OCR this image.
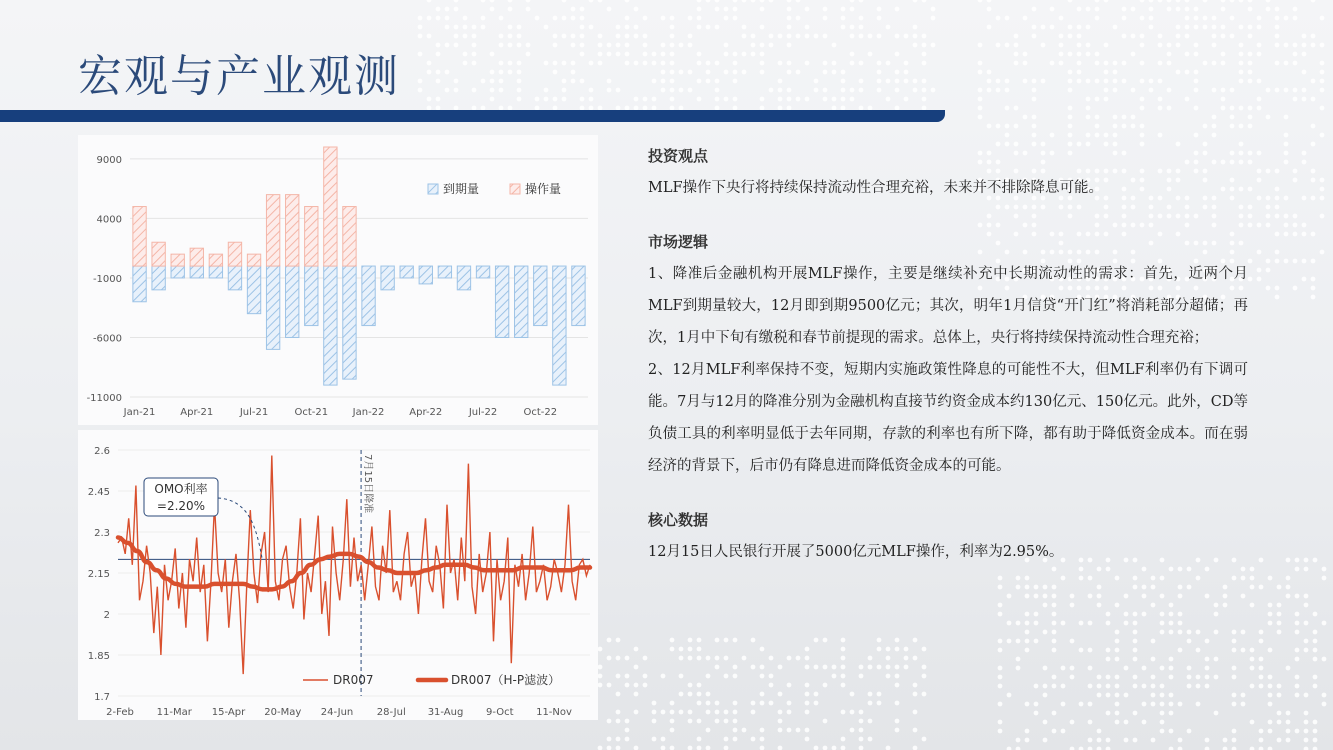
宏观与产业观测
9000
4000
-1000
-6000
-11000
Jan-21 Apr-21	Jul-21	Oct-21 Jan-22 Apr-22	Jul-22	Oct-22
到期量	操作量
2.6
2.45
2.3
2.15
2
1.85
1.7
7月15日降准
OMO利率
=2.20%
2-Feb 11-Mar 15-Apr 20-May 24-Jun 28-Jul 31-Aug 9-Oct 11-Nov
DR007	DR007（H-P滤波）
投资观点
MLF操作下央行将持续保持流动性合理充裕，未来并不排除降息可能。
市场逻辑
1、降准后金融机构开展MLF操作，主要是继续补充中长期流动性的需求：首先，近两个月MLF到期量较大，12月即到期9500亿元；其次，明年1月信贷“开门红”将消耗部分超储；再次，1月中下旬有缴税和春节前提现的需求。总体上，央行将持续保持流动性合理充裕；
2、12月MLF利率保持不变，短期内实施政策性降息的可能性不大，但MLF利率仍有下调可能。7月与12月的降准分别为金融机构直接节约资金成本约130亿元、150亿元。此外，CD等负债工具的利率明显低于去年同期，存款的利率也有所下降，都有助于降低资金成本。而在弱经济的背景下，后市仍有降息进而降低资金成本的可能。
核心数据
12月15日人民银行开展了5000亿元MLF操作，利率为2.95%。
